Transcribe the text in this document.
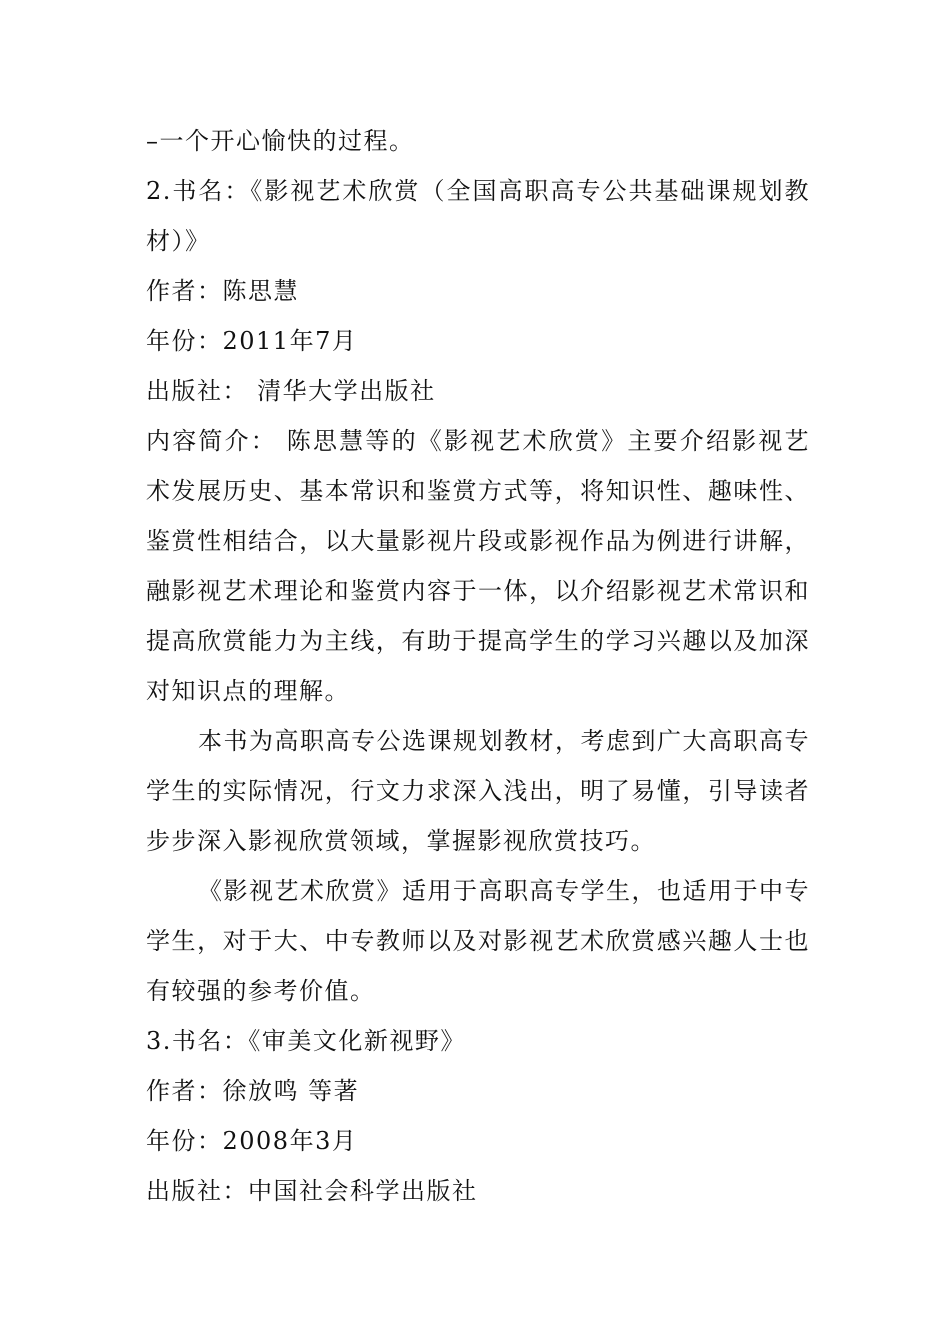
–一个开心愉快的过程。

2.书名：《影视艺术欣赏（全国高职高专公共基础课规划教材）》

作者：陈思慧

年份：2011年7月

出版社： 清华大学出版社

内容简介： 陈思慧等的《影视艺术欣赏》主要介绍影视艺术发展历史、基本常识和鉴赏方式等，将知识性、趣味性、鉴赏性相结合，以大量影视片段或影视作品为例进行讲解，融影视艺术理论和鉴赏内容于一体，以介绍影视艺术常识和提高欣赏能力为主线，有助于提高学生的学习兴趣以及加深对知识点的理解。

本书为高职高专公选课规划教材，考虑到广大高职高专学生的实际情况，行文力求深入浅出，明了易懂，引导读者步步深入影视欣赏领域，掌握影视欣赏技巧。

《影视艺术欣赏》适用于高职高专学生，也适用于中专学生，对于大、中专教师以及对影视艺术欣赏感兴趣人士也有较强的参考价值。

3.书名：《审美文化新视野》

作者：徐放鸣 等著

年份：2008年3月

出版社：中国社会科学出版社
